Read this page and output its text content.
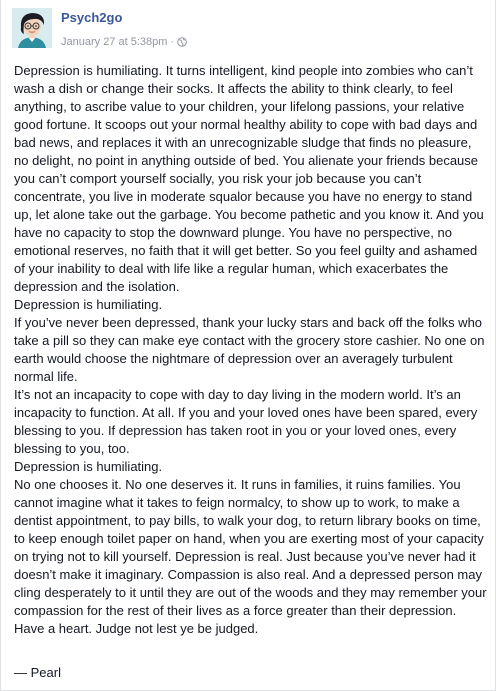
Psych2go
January 27 at 5:38pm ·

Depression is humiliating. It turns intelligent, kind people into zombies who can’t wash a dish or change their socks. It affects the ability to think clearly, to feel anything, to ascribe value to your children, your lifelong passions, your relative good fortune. It scoops out your normal healthy ability to cope with bad days and bad news, and replaces it with an unrecognizable sludge that finds no pleasure, no delight, no point in anything outside of bed. You alienate your friends because you can’t comport yourself socially, you risk your job because you can’t concentrate, you live in moderate squalor because you have no energy to stand up, let alone take out the garbage. You become pathetic and you know it. And you have no capacity to stop the downward plunge. You have no perspective, no emotional reserves, no faith that it will get better. So you feel guilty and ashamed of your inability to deal with life like a regular human, which exacerbates the depression and the isolation.

Depression is humiliating.

If you’ve never been depressed, thank your lucky stars and back off the folks who take a pill so they can make eye contact with the grocery store cashier. No one on earth would choose the nightmare of depression over an averagely turbulent normal life.

It’s not an incapacity to cope with day to day living in the modern world. It’s an incapacity to function. At all. If you and your loved ones have been spared, every blessing to you. If depression has taken root in you or your loved ones, every blessing to you, too.

Depression is humiliating.

No one chooses it. No one deserves it. It runs in families, it ruins families. You cannot imagine what it takes to feign normalcy, to show up to work, to make a dentist appointment, to pay bills, to walk your dog, to return library books on time, to keep enough toilet paper on hand, when you are exerting most of your capacity on trying not to kill yourself. Depression is real. Just because you’ve never had it doesn’t make it imaginary. Compassion is also real. And a depressed person may cling desperately to it until they are out of the woods and they may remember your compassion for the rest of their lives as a force greater than their depression. Have a heart. Judge not lest ye be judged.

— Pearl
